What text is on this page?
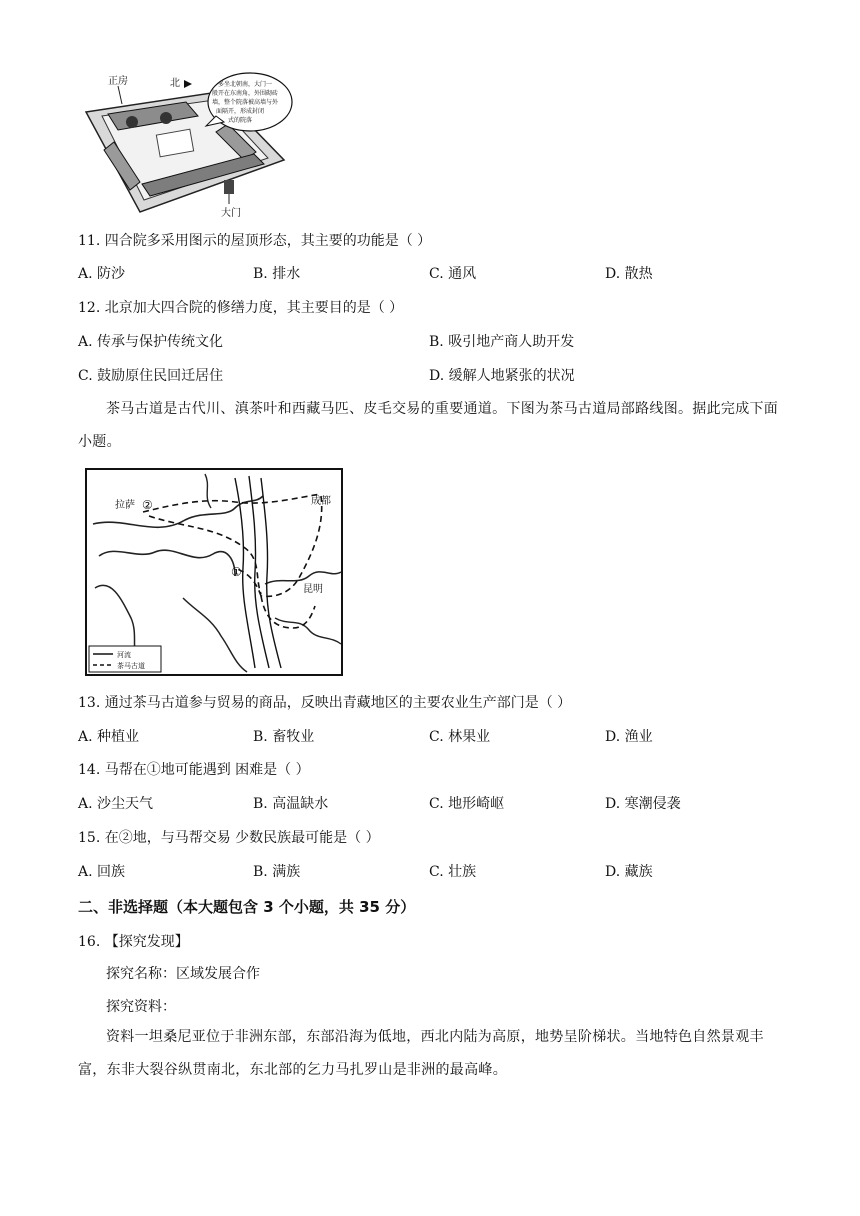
大门
正房	北	多坐北朝南，大门一 般开在东南角，外围砌砖 墙，整个院落被高墙与外 面隔开，形成封闭 式的院落
11. 四合院多采用图示的屋顶形态，其主要的功能是（ ）
A. 防沙	B. 排水	C. 通风	D. 散热
12. 北京加大四合院的修缮力度，其主要目的是（ ）
A. 传承与保护传统文化	B. 吸引地产商人助开发
C. 鼓励原住民回迁居住	D. 缓解人地紧张的状况
茶马古道是古代川、滇茶叶和西藏马匹、皮毛交易的重要通道。下图为茶马古道局部路线图。据此完成下面小题。
拉萨 ②	成都
①
昆明
河流
茶马古道
13. 通过茶马古道参与贸易的商品，反映出青藏地区的主要农业生产部门是（ ）
A. 种植业	B. 畜牧业	C. 林果业	D. 渔业
14. 马帮在①地可能遇到 困难是（ ）
A. 沙尘天气	B. 高温缺水	C. 地形崎岖	D. 寒潮侵袭
15. 在②地，与马帮交易 少数民族最可能是（ ）
A. 回族	B. 满族	C. 壮族	D. 藏族
二、非选择题（本大题包含 3 个小题，共 35 分）
16. 【探究发现】
探究名称：区域发展合作
探究资料：
资料一坦桑尼亚位于非洲东部，东部沿海为低地，西北内陆为高原，地势呈阶梯状。当地特色自然景观丰富，东非大裂谷纵贯南北，东北部的乞力马扎罗山是非洲的最高峰。
